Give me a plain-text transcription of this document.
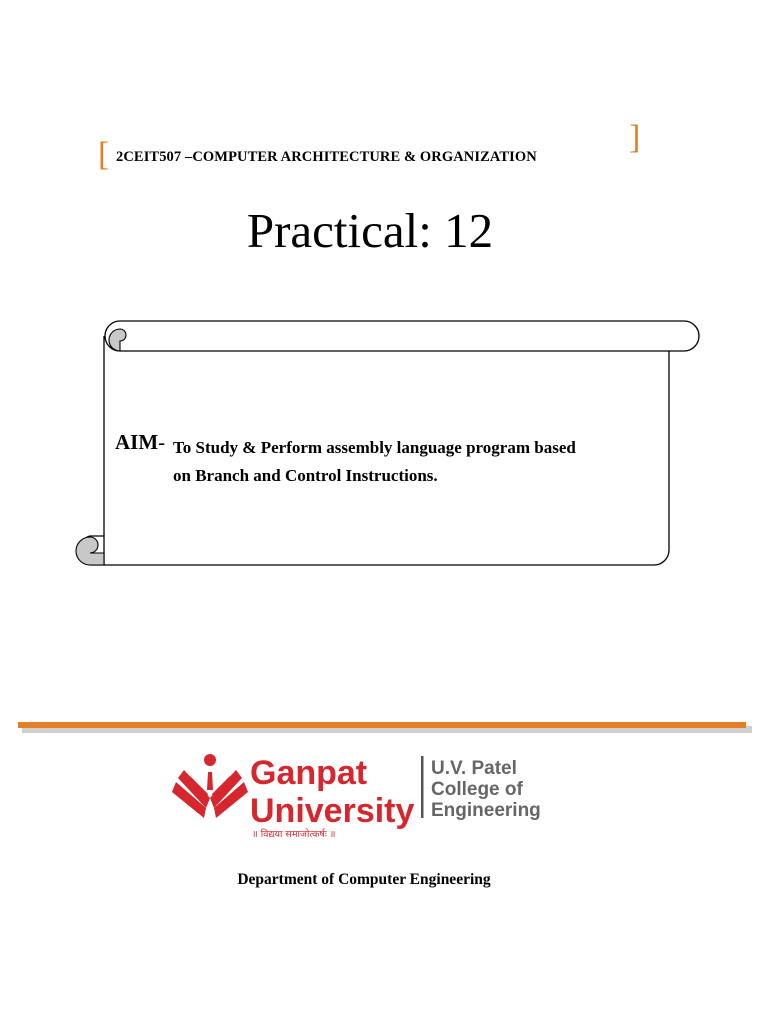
[ 2CEIT507 –COMPUTER ARCHITECTURE & ORGANIZATION
]
Practical: 12
AIM- To Study & Perform assembly language program based
on Branch and Control Instructions.
Ganpat
University
॥ विद्यया समाजोत्कर्षः ॥
U.V. Patel
College of
Engineering
Department of Computer Engineering
